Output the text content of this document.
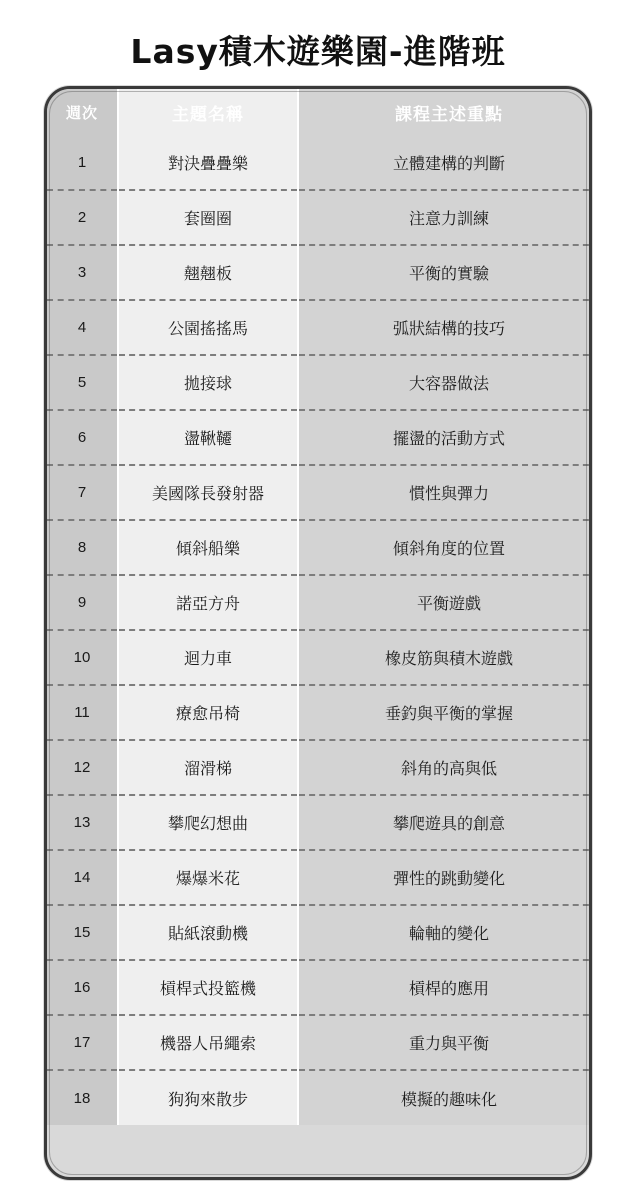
Lasy積木遊樂園-進階班
週次	主題名稱	課程主述重點
1	對決疊疊樂	立體建構的判斷
2	套圈圈	注意力訓練
3	翹翹板	平衡的實驗
4	公園搖搖馬	弧狀結構的技巧
5	拋接球	大容器做法
6	盪鞦韆	擺盪的活動方式
7	美國隊長發射器	慣性與彈力
8	傾斜船樂	傾斜角度的位置
9	諾亞方舟	平衡遊戲
10	迴力車	橡皮筋與積木遊戲
11	療愈吊椅	垂釣與平衡的掌握
12	溜滑梯	斜角的高與低
13	攀爬幻想曲	攀爬遊具的創意
14	爆爆米花	彈性的跳動變化
15	貼紙滾動機	輪軸的變化
16	槓桿式投籃機	槓桿的應用
17	機器人吊繩索	重力與平衡
18	狗狗來散步	模擬的趣味化
